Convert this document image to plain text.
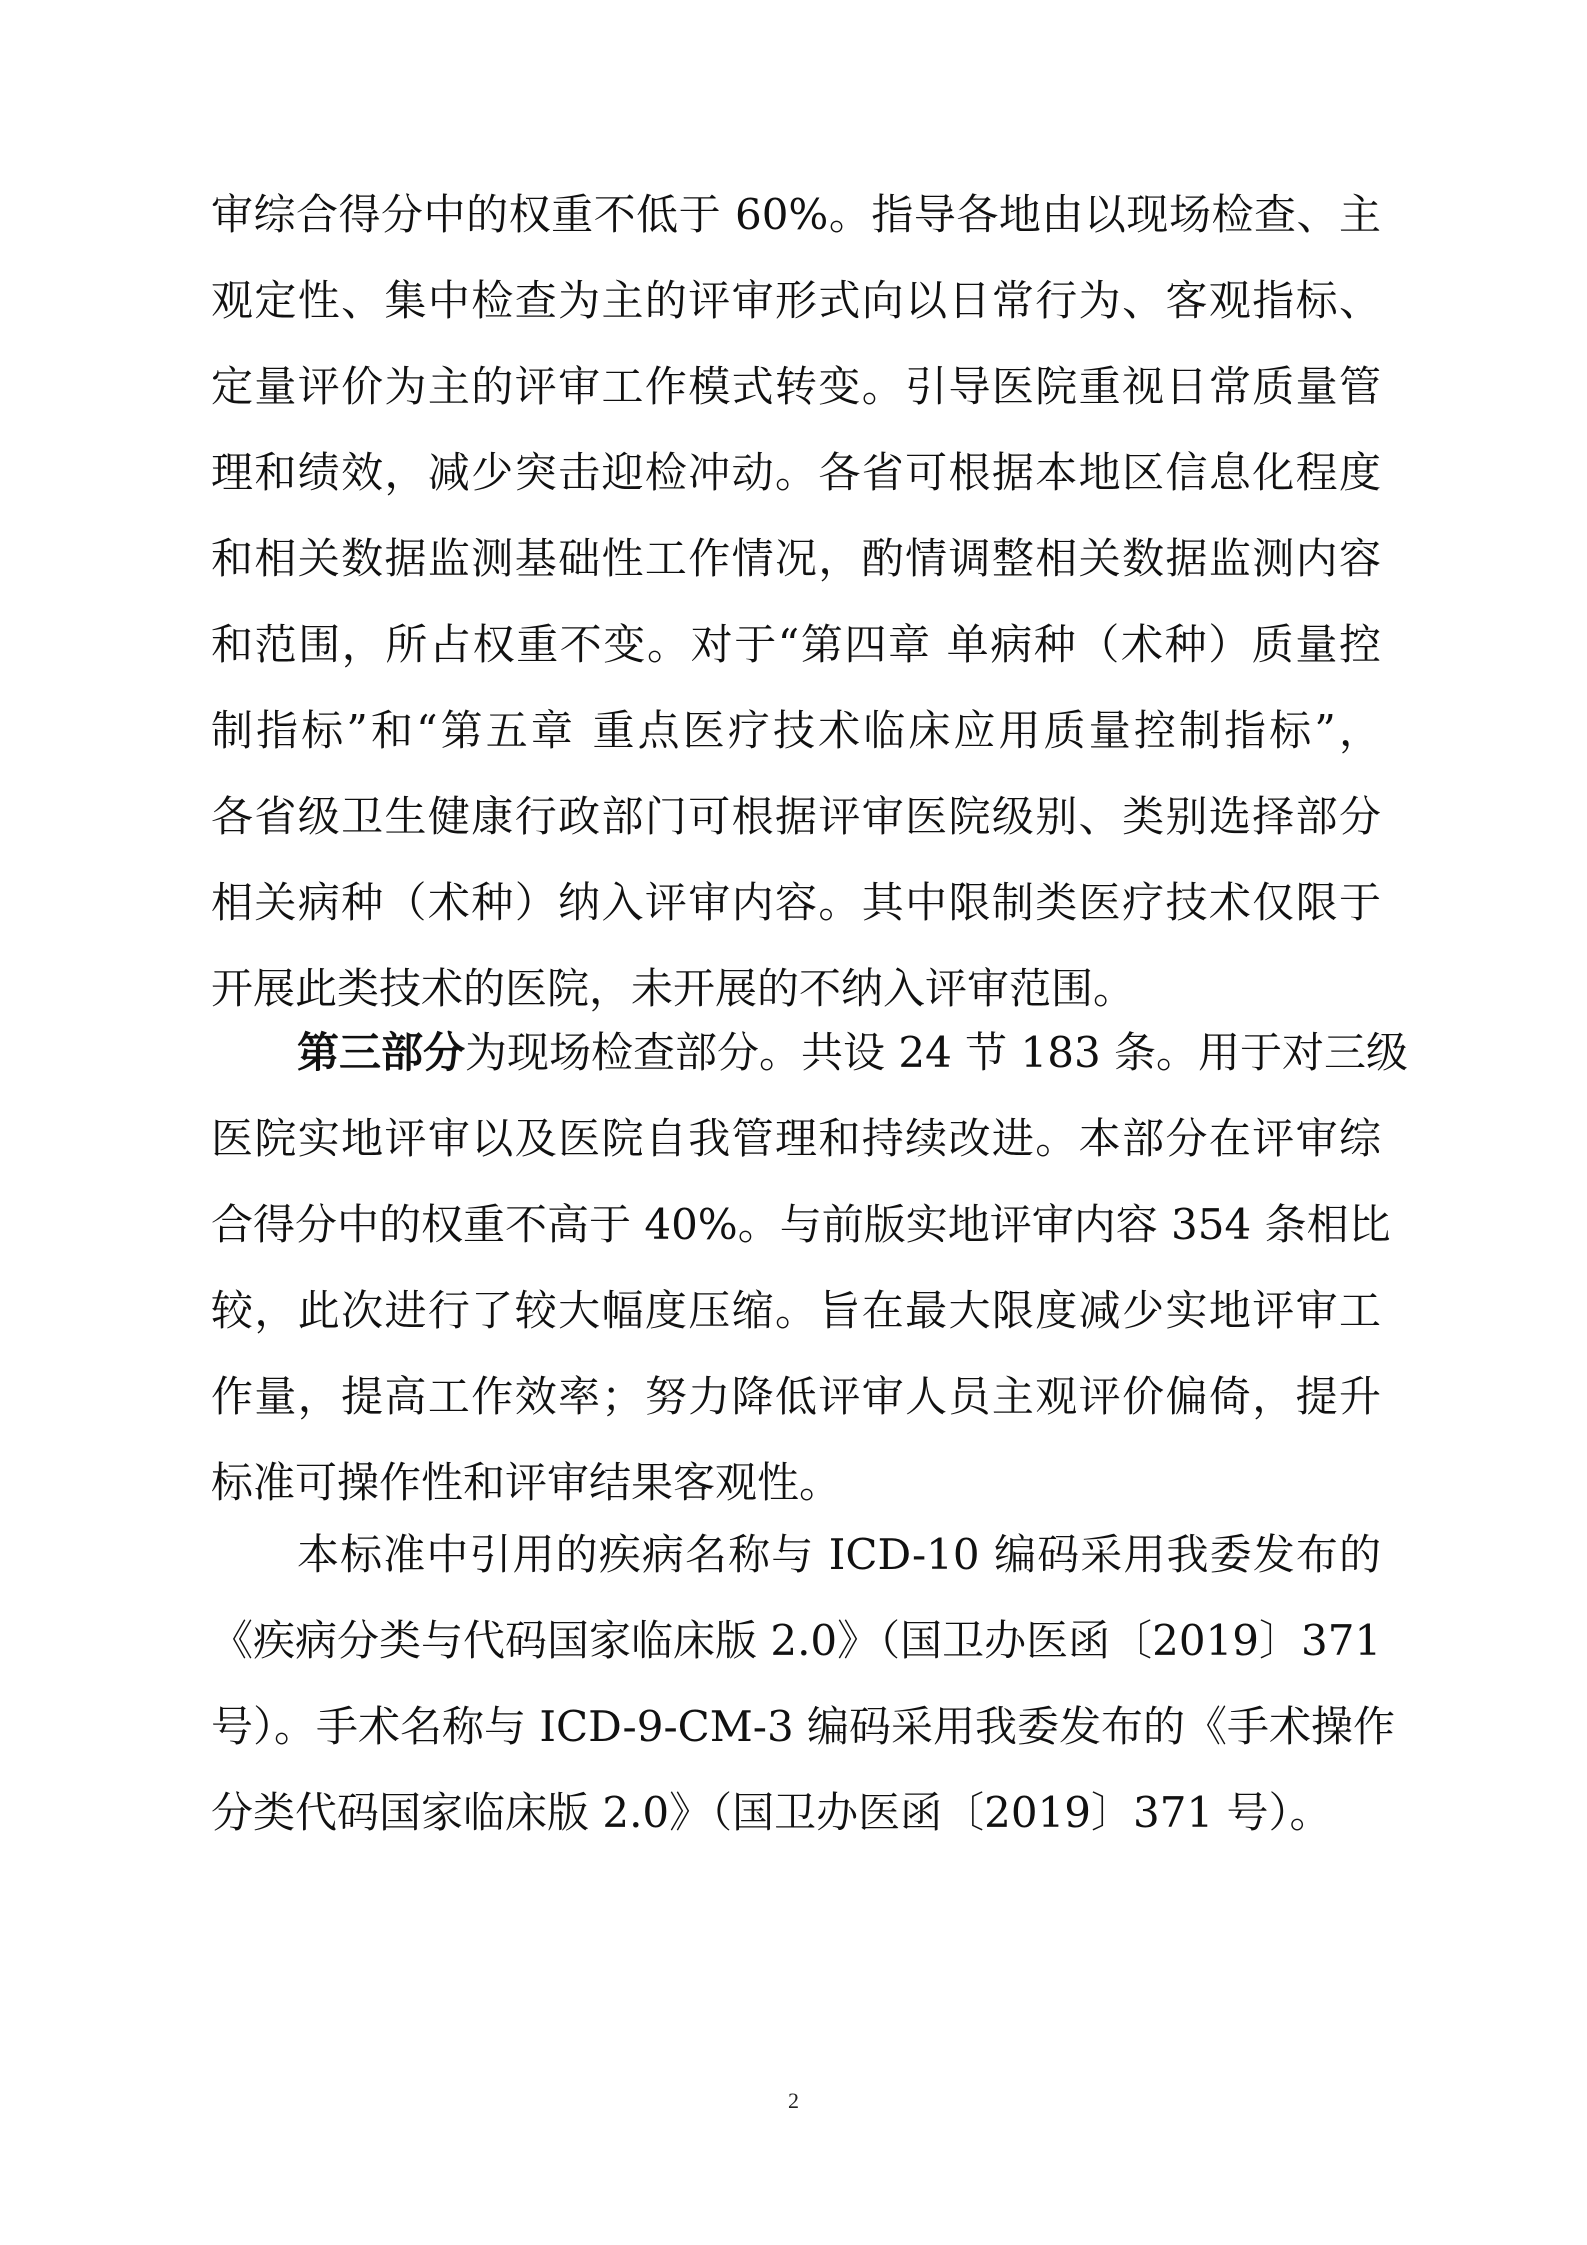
审综合得分中的权重不低于 60%。指导各地由以现场检查、主
观定性、集中检查为主的评审形式向以日常行为、客观指标、
定量评价为主的评审工作模式转变。引导医院重视日常质量管
理和绩效，减少突击迎检冲动。各省可根据本地区信息化程度
和相关数据监测基础性工作情况，酌情调整相关数据监测内容
和范围，所占权重不变。对于“第四章 单病种（术种）质量控
制指标”和“第五章 重点医疗技术临床应用质量控制指标”，
各省级卫生健康行政部门可根据评审医院级别、类别选择部分
相关病种（术种）纳入评审内容。其中限制类医疗技术仅限于
开展此类技术的医院，未开展的不纳入评审范围。
第三部分为现场检查部分。共设 24 节 183 条。用于对三级
医院实地评审以及医院自我管理和持续改进。本部分在评审综
合得分中的权重不高于 40%。与前版实地评审内容 354 条相比
较，此次进行了较大幅度压缩。旨在最大限度减少实地评审工
作量，提高工作效率；努力降低评审人员主观评价偏倚，提升
标准可操作性和评审结果客观性。
本标准中引用的疾病名称与 ICD-10 编码采用我委发布的
《疾病分类与代码国家临床版 2.0》（国卫办医函〔2019〕371
号）。手术名称与 ICD-9-CM-3 编码采用我委发布的《手术操作
分类代码国家临床版 2.0》（国卫办医函〔2019〕371 号）。
2
